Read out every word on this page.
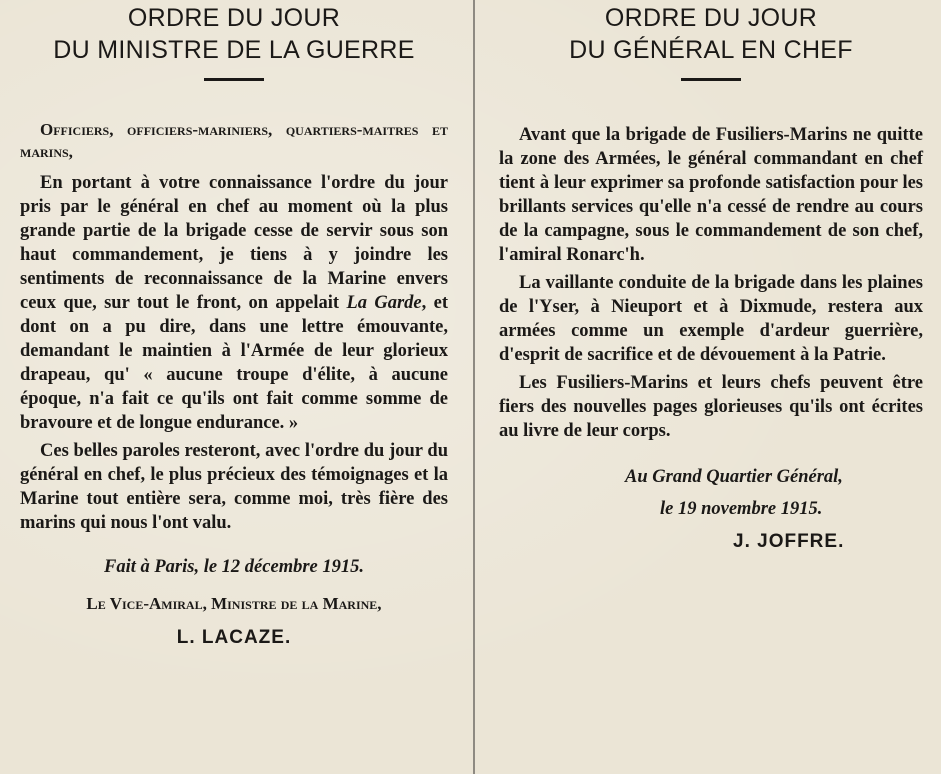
ORDRE DU JOUR
DU MINISTRE DE LA GUERRE

Officiers, officiers-mariniers, quartiers-maitres et marins,

En portant à votre connaissance l'ordre du jour pris par le général en chef au moment où la plus grande partie de la brigade cesse de servir sous son haut commandement, je tiens à y joindre les sentiments de reconnaissance de la Marine envers ceux que, sur tout le front, on appelait La Garde, et dont on a pu dire, dans une lettre émouvante, demandant le maintien à l'Armée de leur glorieux drapeau, qu' « aucune troupe d'élite, à aucune époque, n'a fait ce qu'ils ont fait comme somme de bravoure et de longue endurance. »

Ces belles paroles resteront, avec l'ordre du jour du général en chef, le plus précieux des témoignages et la Marine tout entière sera, comme moi, très fière des marins qui nous l'ont valu.

Fait à Paris, le 12 décembre 1915.
Le Vice-Amiral, Ministre de la Marine,
L. LACAZE.
ORDRE DU JOUR
DU GÉNÉRAL EN CHEF

Avant que la brigade de Fusiliers-Marins ne quitte la zone des Armées, le général commandant en chef tient à leur exprimer sa profonde satisfaction pour les brillants services qu'elle n'a cessé de rendre au cours de la campagne, sous le commandement de son chef, l'amiral Ronarc'h.

La vaillante conduite de la brigade dans les plaines de l'Yser, à Nieuport et à Dixmude, restera aux armées comme un exemple d'ardeur guerrière, d'esprit de sacrifice et de dévouement à la Patrie.

Les Fusiliers-Marins et leurs chefs peuvent être fiers des nouvelles pages glorieuses qu'ils ont écrites au livre de leur corps.

Au Grand Quartier Général,
le 19 novembre 1915.
J. JOFFRE.
